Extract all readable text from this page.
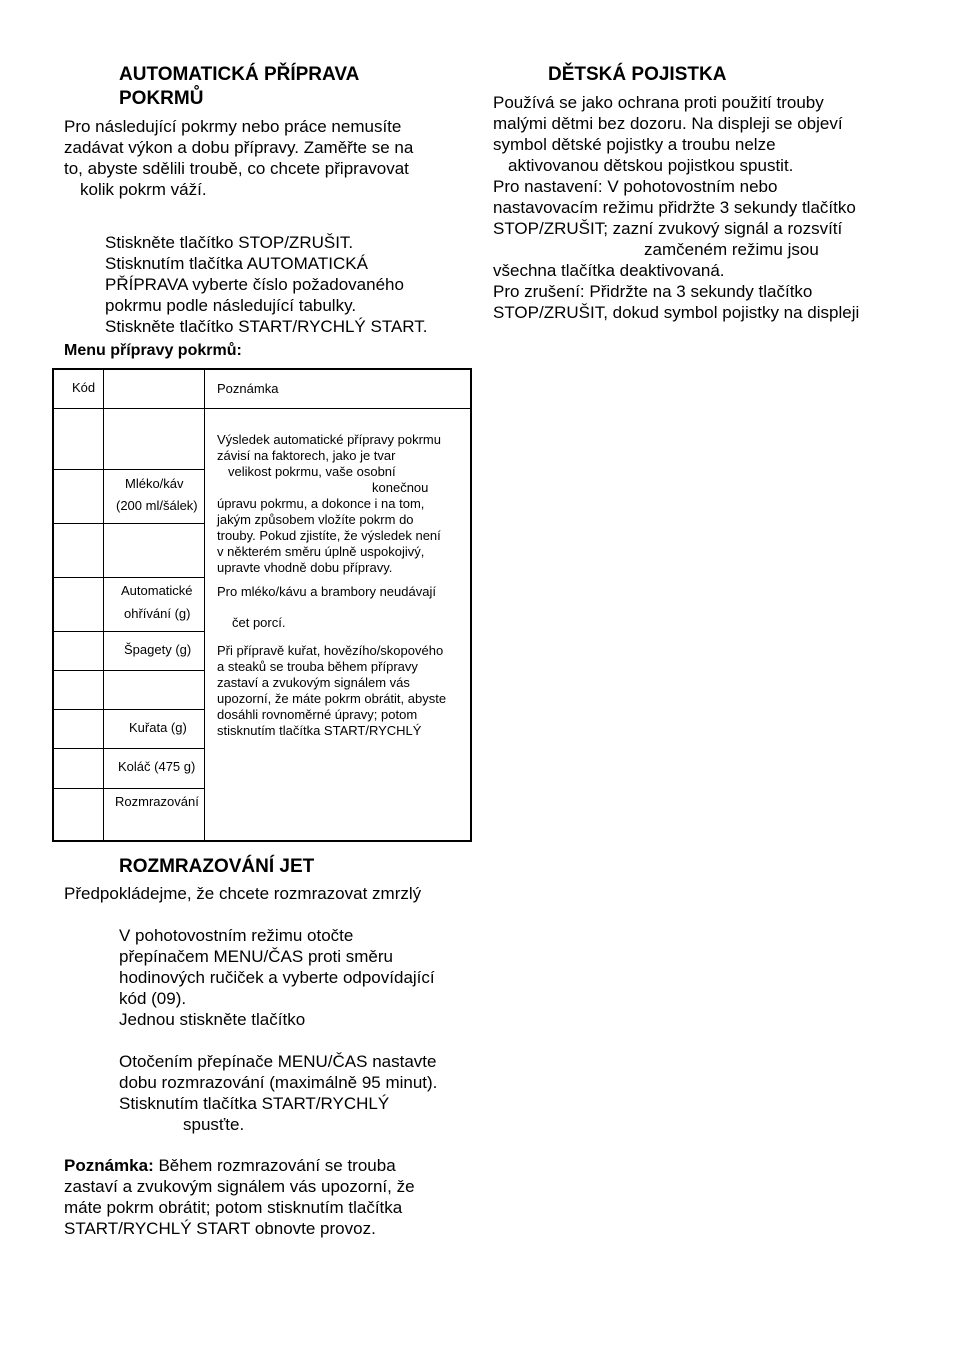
AUTOMATICKÁ PŘÍPRAVA
POKRMŮ
Pro následující pokrmy nebo práce nemusíte
zadávat výkon a dobu přípravy. Zaměřte se na
to, abyste sdělili troubě, co chcete připravovat
kolik pokrm váží.
Stiskněte tlačítko STOP/ZRUŠIT.
Stisknutím tlačítka AUTOMATICKÁ
PŘÍPRAVA vyberte číslo požadovaného
pokrmu podle následující tabulky.
Stiskněte tlačítko START/RYCHLÝ START.
Menu přípravy pokrmů:
Kód	Poznámka
Mléko/káv
(200 ml/šálek)
Automatické
ohřívání (g)
Špagety (g)
Kuřata (g)
Koláč (475 g)
Rozmrazování
Výsledek automatické přípravy pokrmu
závisí na faktorech, jako je tvar
velikost pokrmu, vaše osobní
konečnou
úpravu pokrmu, a dokonce i na tom,
jakým způsobem vložíte pokrm do
trouby. Pokud zjistíte, že výsledek není
v některém směru úplně uspokojivý,
upravte vhodně dobu přípravy.
Pro mléko/kávu a brambory neudávají
čet porcí.
Při přípravě kuřat, hovězího/skopového
a steaků se trouba během přípravy
zastaví a zvukovým signálem vás
upozorní, že máte pokrm obrátit, abyste
dosáhli rovnoměrné úpravy; potom
stisknutím tlačítka START/RYCHLÝ
ROZMRAZOVÁNÍ JET
Předpokládejme, že chcete rozmrazovat zmrzlý
V pohotovostním režimu otočte
přepínačem MENU/ČAS proti směru
hodinových ručiček a vyberte odpovídající
kód (09).
Jednou stiskněte tlačítko
Otočením přepínače MENU/ČAS nastavte
dobu rozmrazování (maximálně 95 minut).
Stisknutím tlačítka START/RYCHLÝ
spusťte.
Poznámka: Během rozmrazování se trouba
zastaví a zvukovým signálem vás upozorní, že
máte pokrm obrátit; potom stisknutím tlačítka
START/RYCHLÝ START obnovte provoz.
DĚTSKÁ POJISTKA
Používá se jako ochrana proti použití trouby
malými dětmi bez dozoru. Na displeji se objeví
symbol dětské pojistky a troubu nelze
aktivovanou dětskou pojistkou spustit.
Pro nastavení: V pohotovostním nebo
nastavovacím režimu přidržte 3 sekundy tlačítko
STOP/ZRUŠIT; zazní zvukový signál a rozsvítí
zamčeném režimu jsou
všechna tlačítka deaktivovaná.
Pro zrušení: Přidržte na 3 sekundy tlačítko
STOP/ZRUŠIT, dokud symbol pojistky na displeji
